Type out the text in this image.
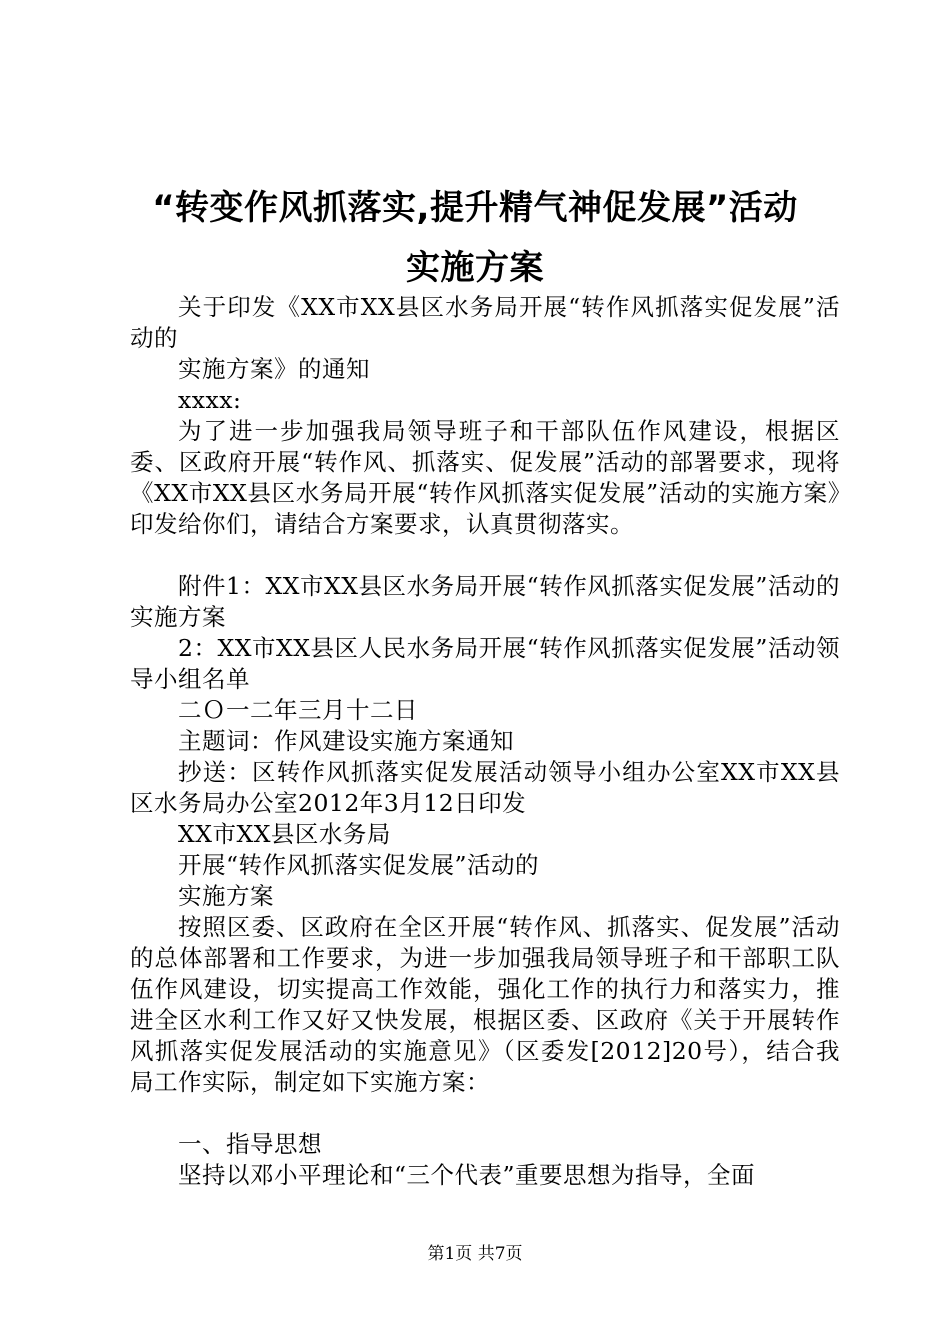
“转变作风抓落实,提升精气神促发展”活动
实施方案

关于印发《XX市XX县区水务局开展“转作风抓落实促发展”活动的

实施方案》的通知

xxxx:

为了进一步加强我局领导班子和干部队伍作风建设，根据区委、区政府开展“转作风、抓落实、促发展”活动的部署要求，现将《XX市XX县区水务局开展“转作风抓落实促发展”活动的实施方案》印发给你们，请结合方案要求，认真贯彻落实。

附件1：XX市XX县区水务局开展“转作风抓落实促发展”活动的实施方案

2：XX市XX县区人民水务局开展“转作风抓落实促发展”活动领导小组名单

二Ｏ一二年三月十二日

主题词：作风建设实施方案通知

抄送：区转作风抓落实促发展活动领导小组办公室XX市XX县区水务局办公室2012年3月12日印发

XX市XX县区水务局

开展“转作风抓落实促发展”活动的

实施方案

按照区委、区政府在全区开展“转作风、抓落实、促发展”活动的总体部署和工作要求，为进一步加强我局领导班子和干部职工队伍作风建设，切实提高工作效能，强化工作的执行力和落实力，推进全区水利工作又好又快发展，根据区委、区政府《关于开展转作风抓落实促发展活动的实施意见》（区委发[2012]20号），结合我局工作实际，制定如下实施方案：

一、指导思想

坚持以邓小平理论和“三个代表”重要思想为指导，全面

第1页 共7页
